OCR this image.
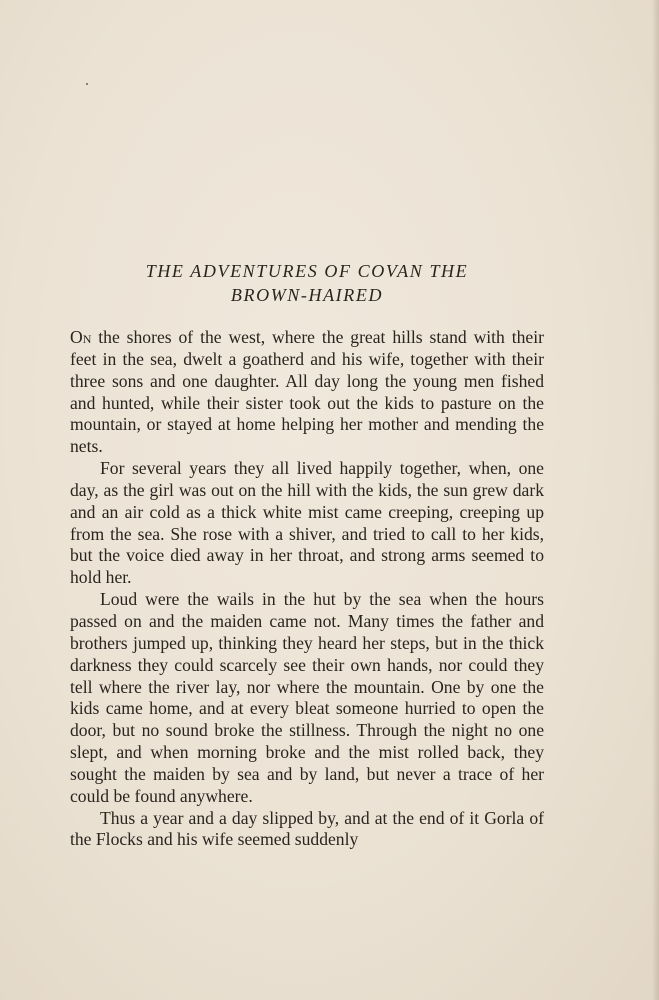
THE ADVENTURES OF COVAN THE
BROWN-HAIRED

On the shores of the west, where the great hills stand with their feet in the sea, dwelt a goatherd and his wife, together with their three sons and one daughter. All day long the young men fished and hunted, while their sister took out the kids to pasture on the mountain, or stayed at home helping her mother and mending the nets.

For several years they all lived happily together, when, one day, as the girl was out on the hill with the kids, the sun grew dark and an air cold as a thick white mist came creeping, creeping up from the sea. She rose with a shiver, and tried to call to her kids, but the voice died away in her throat, and strong arms seemed to hold her.

Loud were the wails in the hut by the sea when the hours passed on and the maiden came not. Many times the father and brothers jumped up, thinking they heard her steps, but in the thick darkness they could scarcely see their own hands, nor could they tell where the river lay, nor where the mountain. One by one the kids came home, and at every bleat someone hurried to open the door, but no sound broke the stillness. Through the night no one slept, and when morning broke and the mist rolled back, they sought the maiden by sea and by land, but never a trace of her could be found anywhere.

Thus a year and a day slipped by, and at the end of it Gorla of the Flocks and his wife seemed suddenly
